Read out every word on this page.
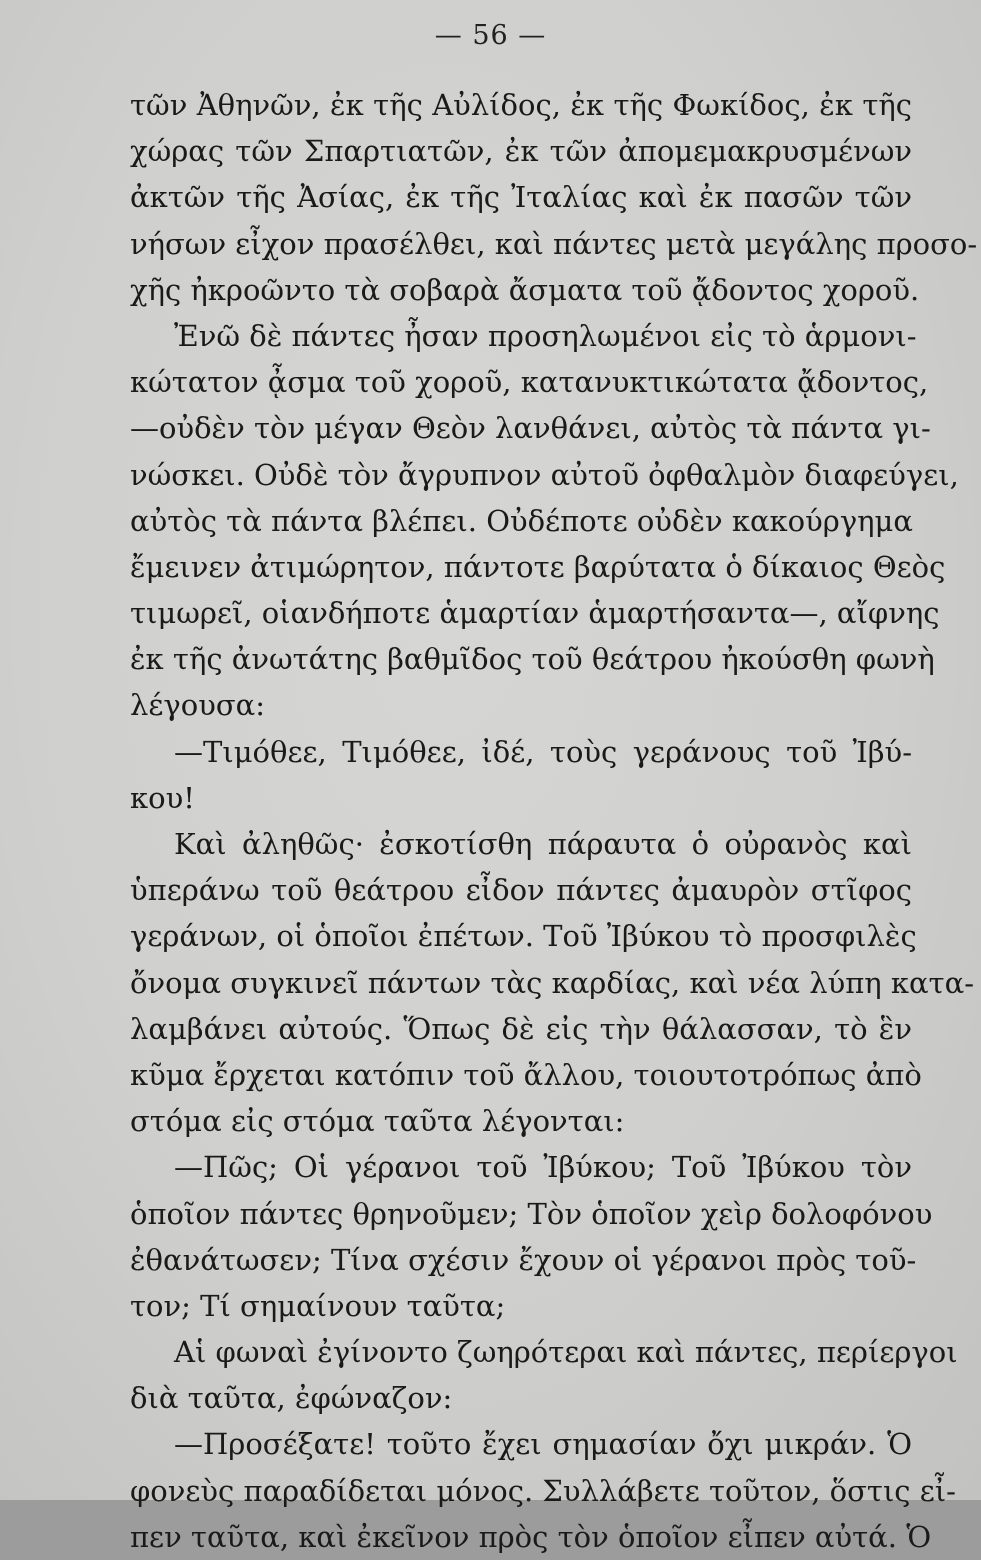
— 56 —
τῶν Ἀθηνῶν, ἐκ τῆς Αὐλίδος, ἐκ τῆς Φωκίδος, ἐκ τῆς
χώρας τῶν Σπαρτιατῶν, ἐκ τῶν ἀπομεμακρυσμένων
ἀκτῶν τῆς Ἀσίας, ἐκ τῆς Ἰταλίας καὶ ἐκ πασῶν τῶν
νήσων εἶχον πρασέλθει, καὶ πάντες μετὰ μεγάλης προσο-
χῆς ἠκροῶντο τὰ σοβαρὰ ἄσματα τοῦ ᾄδοντος χοροῦ.
Ἐνῶ δὲ πάντες ἦσαν προσηλωμένοι εἰς τὸ ἁρμονι-
κώτατον ᾆσμα τοῦ χοροῦ, κατανυκτικώτατα ᾄδοντος,
—οὐδὲν τὸν μέγαν Θεὸν λανθάνει, αὐτὸς τὰ πάντα γι-
νώσκει. Οὐδὲ τὸν ἄγρυπνον αὐτοῦ ὀφθαλμὸν διαφεύγει,
αὐτὸς τὰ πάντα βλέπει. Οὐδέποτε οὐδὲν κακούργημα
ἔμεινεν ἀτιμώρητον, πάντοτε βαρύτατα ὁ δίκαιος Θεὸς
τιμωρεῖ, οἱανδήποτε ἁμαρτίαν ἁμαρτήσαντα—, αἴφνης
ἐκ τῆς ἀνωτάτης βαθμῖδος τοῦ θεάτρου ἠκούσθη φωνὴ
λέγουσα:
—Τιμόθεε, Τιμόθεε, ἰδέ, τοὺς γεράνους τοῦ Ἰβύ-
κου!
Καὶ ἀληθῶς· ἐσκοτίσθη πάραυτα ὁ οὐρανὸς καὶ
ὑπεράνω τοῦ θεάτρου εἶδον πάντες ἀμαυρὸν στῖφος
γεράνων, οἱ ὁποῖοι ἐπέτων. Τοῦ Ἰβύκου τὸ προσφιλὲς
ὄνομα συγκινεῖ πάντων τὰς καρδίας, καὶ νέα λύπη κατα-
λαμβάνει αὐτούς. Ὅπως δὲ εἰς τὴν θάλασσαν, τὸ ἓν
κῦμα ἔρχεται κατόπιν τοῦ ἄλλου, τοιουτοτρόπως ἀπὸ
στόμα εἰς στόμα ταῦτα λέγονται:
—Πῶς; Οἱ γέρανοι τοῦ Ἰβύκου; Τοῦ Ἰβύκου τὸν
ὁποῖον πάντες θρηνοῦμεν; Τὸν ὁποῖον χεὶρ δολοφόνου
ἐθανάτωσεν; Τίνα σχέσιν ἔχουν οἱ γέρανοι πρὸς τοῦ-
τον; Τί σημαίνουν ταῦτα;
Αἱ φωναὶ ἐγίνοντο ζωηρότεραι καὶ πάντες, περίεργοι
διὰ ταῦτα, ἐφώναζον:
—Προσέξατε! τοῦτο ἔχει σημασίαν ὄχι μικράν. Ὁ
φονεὺς παραδίδεται μόνος. Συλλάβετε τοῦτον, ὅστις εἶ-
πεν ταῦτα, καὶ ἐκεῖνον πρὸς τὸν ὁποῖον εἶπεν αὐτά. Ὁ
